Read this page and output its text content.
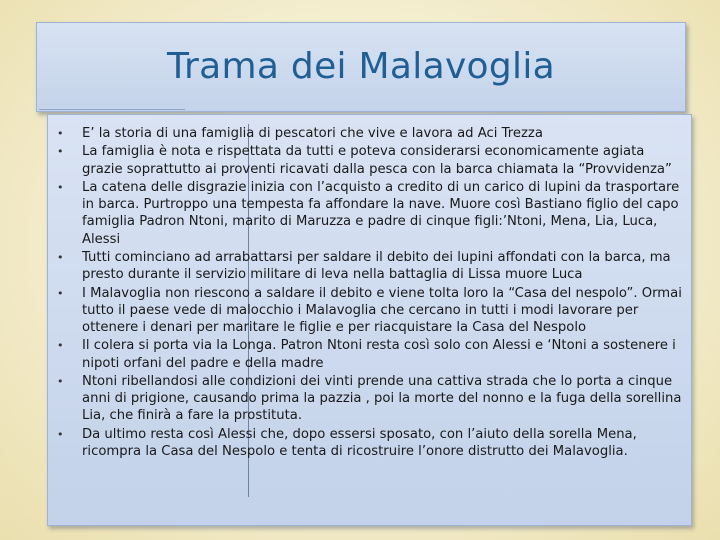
Trama dei Malavoglia
• E’ la storia di una famiglia di pescatori che vive e lavora ad Aci Trezza
• La famiglia è nota e rispettata da tutti e poteva considerarsi economicamente agiata grazie soprattutto ai proventi ricavati dalla pesca con la barca chiamata la “Provvidenza”
• La catena delle disgrazie inizia con l’acquisto a credito di un carico di lupini da trasportare in barca. Purtroppo una tempesta fa affondare la nave. Muore così Bastiano figlio del capo famiglia Padron Ntoni, marito di Maruzza e padre di cinque figli:’Ntoni, Mena, Lia, Luca, Alessi
• Tutti cominciano ad arrabattarsi per saldare il debito dei lupini affondati con la barca, ma presto durante il servizio militare di leva nella battaglia di Lissa muore Luca
• I Malavoglia non riescono a saldare il debito e viene tolta loro la “Casa del nespolo”. Ormai tutto il paese vede di malocchio i Malavoglia che cercano in tutti i modi lavorare per ottenere i denari per maritare le figlie e per riacquistare la Casa del Nespolo
• Il colera si porta via la Longa. Patron Ntoni resta così solo con Alessi e ‘Ntoni a sostenere i nipoti orfani del padre e della madre
• Ntoni ribellandosi alle condizioni dei vinti prende una cattiva strada che lo porta a cinque anni di prigione, causando prima la pazzia , poi la morte del nonno e la fuga della sorellina Lia, che finirà a fare la prostituta.
• Da ultimo resta così Alessi che, dopo essersi sposato, con l’aiuto della sorella Mena, ricompra la Casa del Nespolo e tenta di ricostruire l’onore distrutto dei Malavoglia.
